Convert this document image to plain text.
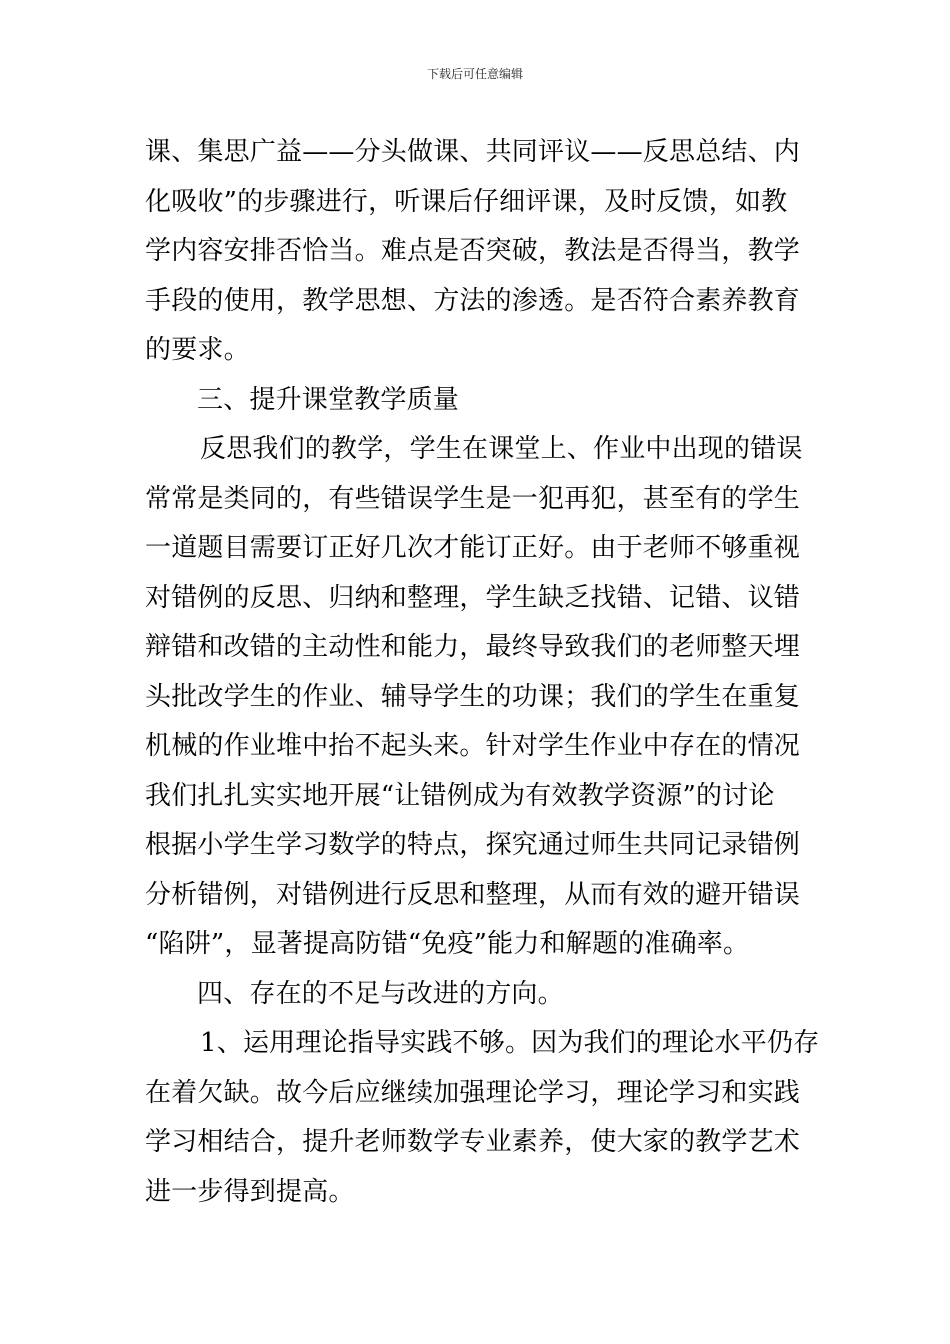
下载后可任意编辑
课、集思广益——分头做课、共同评议——反思总结、内
化吸收”的步骤进行，听课后仔细评课，及时反馈，如教
学内容安排否恰当。难点是否突破，教法是否得当，教学
手段的使用，教学思想、方法的渗透。是否符合素养教育
的要求。
三、提升课堂教学质量
反思我们的教学，学生在课堂上、作业中出现的错误
常常是类同的，有些错误学生是一犯再犯，甚至有的学生
一道题目需要订正好几次才能订正好。由于老师不够重视
对错例的反思、归纳和整理，学生缺乏找错、记错、议错
辩错和改错的主动性和能力，最终导致我们的老师整天埋
头批改学生的作业、辅导学生的功课；我们的学生在重复
机械的作业堆中抬不起头来。针对学生作业中存在的情况
我们扎扎实实地开展“让错例成为有效教学资源”的讨论
根据小学生学习数学的特点，探究通过师生共同记录错例
分析错例，对错例进行反思和整理，从而有效的避开错误
“陷阱”，显著提高防错“免疫”能力和解题的准确率。
四、存在的不足与改进的方向。
1、运用理论指导实践不够。因为我们的理论水平仍存
在着欠缺。故今后应继续加强理论学习，理论学习和实践
学习相结合，提升老师数学专业素养，使大家的教学艺术
进一步得到提高。
